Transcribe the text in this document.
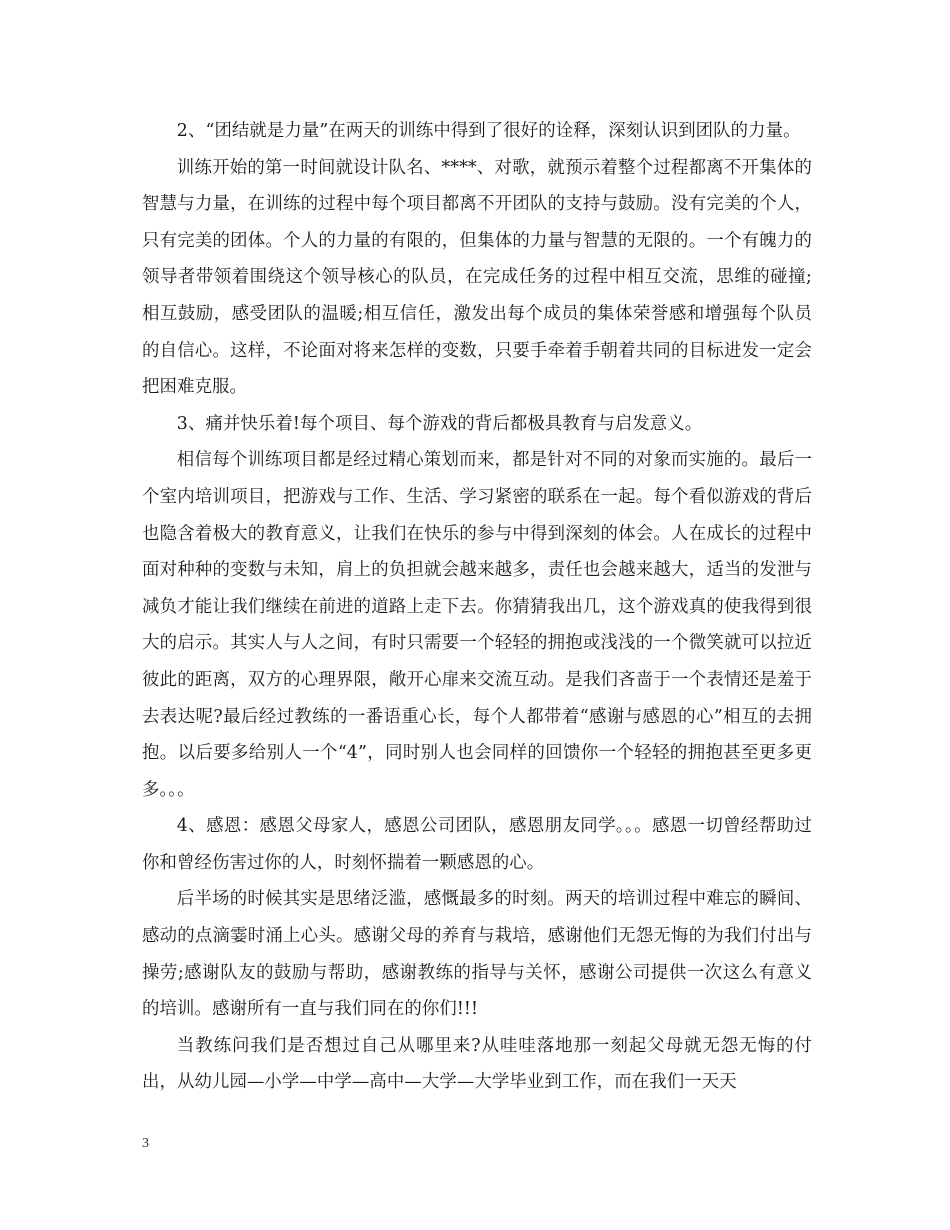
2、“团结就是力量”在两天的训练中得到了很好的诠释，深刻认识到团队的力量。

训练开始的第一时间就设计队名、****、对歌，就预示着整个过程都离不开集体的智慧与力量，在训练的过程中每个项目都离不开团队的支持与鼓励。没有完美的个人，只有完美的团体。个人的力量的有限的，但集体的力量与智慧的无限的。一个有魄力的领导者带领着围绕这个领导核心的队员，在完成任务的过程中相互交流，思维的碰撞;相互鼓励，感受团队的温暖;相互信任，激发出每个成员的集体荣誉感和增强每个队员的自信心。这样，不论面对将来怎样的变数，只要手牵着手朝着共同的目标进发一定会把困难克服。

3、痛并快乐着!每个项目、每个游戏的背后都极具教育与启发意义。

相信每个训练项目都是经过精心策划而来，都是针对不同的对象而实施的。最后一个室内培训项目，把游戏与工作、生活、学习紧密的联系在一起。每个看似游戏的背后也隐含着极大的教育意义，让我们在快乐的参与中得到深刻的体会。人在成长的过程中面对种种的变数与未知，肩上的负担就会越来越多，责任也会越来越大，适当的发泄与减负才能让我们继续在前进的道路上走下去。你猜猜我出几，这个游戏真的使我得到很大的启示。其实人与人之间，有时只需要一个轻轻的拥抱或浅浅的一个微笑就可以拉近彼此的距离，双方的心理界限，敞开心扉来交流互动。是我们吝啬于一个表情还是羞于去表达呢?最后经过教练的一番语重心长，每个人都带着“感谢与感恩的心”相互的去拥抱。以后要多给别人一个“4”，同时别人也会同样的回馈你一个轻轻的拥抱甚至更多更多。。。

4、感恩：感恩父母家人，感恩公司团队，感恩朋友同学。。。感恩一切曾经帮助过你和曾经伤害过你的人，时刻怀揣着一颗感恩的心。

后半场的时候其实是思绪泛滥，感慨最多的时刻。两天的培训过程中难忘的瞬间、感动的点滴霎时涌上心头。感谢父母的养育与栽培，感谢他们无怨无悔的为我们付出与操劳;感谢队友的鼓励与帮助，感谢教练的指导与关怀，感谢公司提供一次这么有意义的培训。感谢所有一直与我们同在的你们!!!

当教练问我们是否想过自己从哪里来?从哇哇落地那一刻起父母就无怨无悔的付出，从幼儿园—小学—中学—高中—大学—大学毕业到工作，而在我们一天天

3
